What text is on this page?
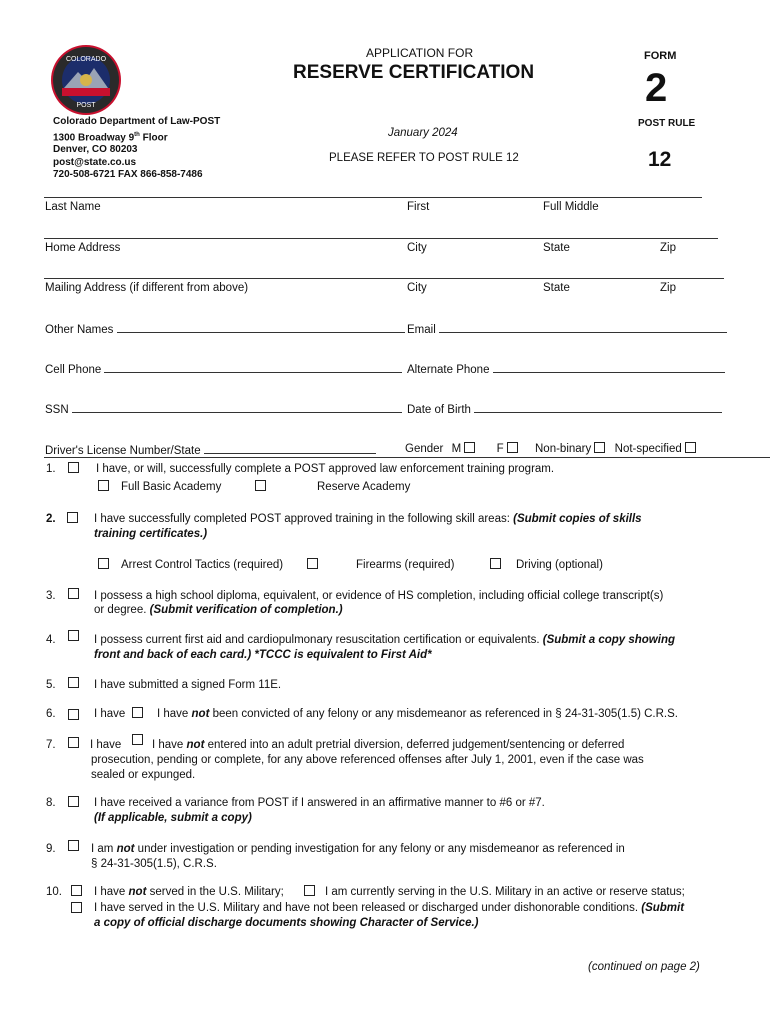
COLORADO
POST
APPLICATION FOR
RESERVE CERTIFICATION
January 2024
PLEASE REFER TO POST RULE 12
FORM
2
POST RULE
12
Colorado Department of Law-POST
1300 Broadway 9th Floor
Denver, CO 80203
post@state.co.us
720-508-6721 FAX 866-858-7486
Last Name	First	Full Middle
Home Address	City	State	Zip
Mailing Address (if different from above)	City	State	Zip
Other Names	Email
Cell Phone	Alternate Phone
SSN	Date of Birth
Driver's License Number/State	Gender M	F	Non-binary Not-specified
1.	I have, or will, successfully complete a POST approved law enforcement training program.
Full Basic Academy	Reserve Academy
2.	I have successfully completed POST approved training in the following skill areas: (Submit copies of skills
training certificates.)
Arrest Control Tactics (required)	Firearms (required)	Driving (optional)
3.	I possess a high school diploma, equivalent, or evidence of HS completion, including official college transcript(s)
or degree. (Submit verification of completion.)
4.	I possess current first aid and cardiopulmonary resuscitation certification or equivalents. (Submit a copy showing
front and back of each card.) *TCCC is equivalent to First Aid*
5.	I have submitted a signed Form 11E.
6.	I have	I have not been convicted of any felony or any misdemeanor as referenced in § 24-31-305(1.5) C.R.S.
7.	I have	I have not entered into an adult pretrial diversion, deferred judgement/sentencing or deferred
prosecution, pending or complete, for any above referenced offenses after July 1, 2001, even if the case was
sealed or expunged.
8.	I have received a variance from POST if I answered in an affirmative manner to #6 or #7.
(If applicable, submit a copy)
9.	I am not under investigation or pending investigation for any felony or any misdemeanor as referenced in
§ 24-31-305(1.5), C.R.S.
10.	I have not served in the U.S. Military;	I am currently serving in the U.S. Military in an active or reserve status;
I have served in the U.S. Military and have not been released or discharged under dishonorable conditions. (Submit
a copy of official discharge documents showing Character of Service.)
(continued on page 2)
